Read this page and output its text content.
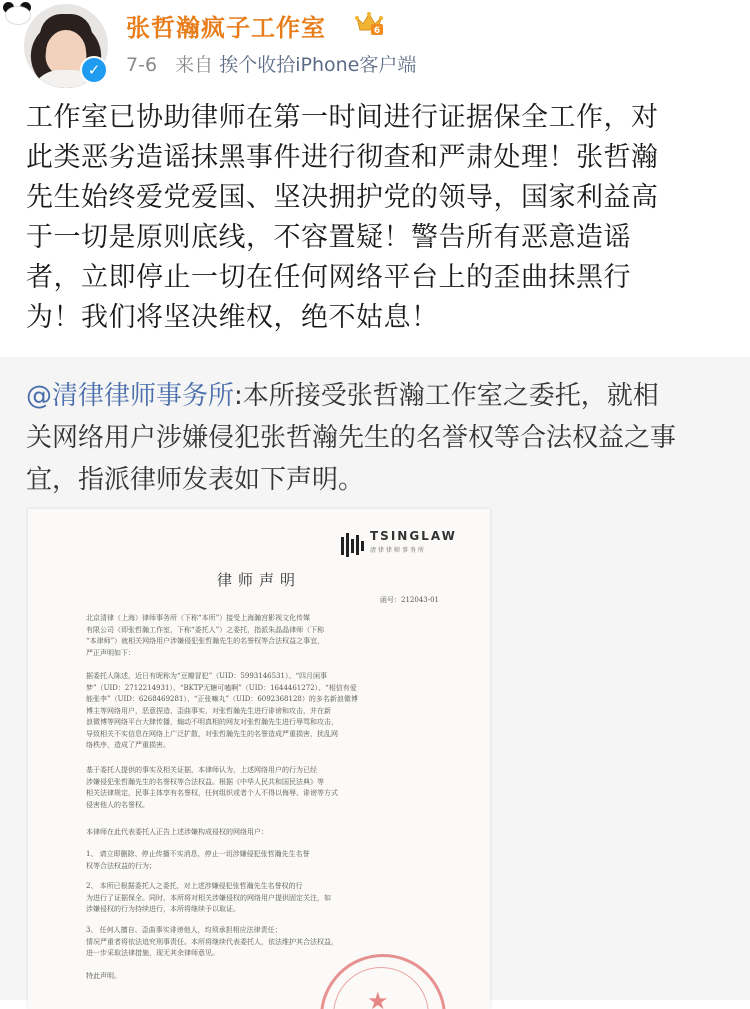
✓
张哲瀚疯子工作室	6
7-6 来自 挨个收拾iPhone客户端
工作室已协助律师在第一时间进行证据保全工作，对
此类恶劣造谣抹黑事件进行彻查和严肃处理！张哲瀚
先生始终爱党爱国、坚决拥护党的领导，国家利益高
于一切是原则底线，不容置疑！警告所有恶意造谣
者，立即停止一切在任何网络平台上的歪曲抹黑行
为！我们将坚决维权，绝不姑息！
@清律律师事务所:本所接受张哲瀚工作室之委托，就相
关网络用户涉嫌侵犯张哲瀚先生的名誉权等合法权益之事
宜，指派律师发表如下声明。
TSINGLAW
清律律师事务所
律师声明
函号：212043-01
北京清律（上海）律师事务所（下称“本所”）接受上海瀚宫影视文化传媒
有限公司（即张哲瀚工作室，下称“委托人”）之委托，指派朱晶晶律师（下称
“本律师”）就相关网络用户涉嫌侵犯张哲瀚先生的名誉权等合法权益之事宜，
严正声明如下：
据委托人陈述，近日有昵称为“豆瓣冒犯”（UID：5993146531）、“四月闲事
梦”（UID：2712214931）、“BKTP无糖可嗑啊”（UID：1644461272）、“相信有爱
能张李”（UID：6268469281）、“正张嘛丸”（UID：6092368128）的多名新浪微博
博主等网络用户，恶意捏造、歪曲事实，对张哲瀚先生进行诽谤和攻击，并在新
浪微博等网络平台大肆传播，煽动不明真相的网友对张哲瀚先生进行辱骂和攻击，
导致相关不实信息在网络上广泛扩散，对张哲瀚先生的名誉造成严重损害，扰乱网
络秩序，造成了严重损害。
基于委托人提供的事实及相关证据，本律师认为，上述网络用户的行为已经
涉嫌侵犯张哲瀚先生的名誉权等合法权益。根据《中华人民共和国民法典》等
相关法律规定，民事主体享有名誉权，任何组织或者个人不得以侮辱、诽谤等方式
侵害他人的名誉权。
本律师在此代表委托人正告上述涉嫌构成侵权的网络用户：
1、 请立即删除、停止传播不实消息，停止一切涉嫌侵犯张哲瀚先生名誉
权等合法权益的行为；
2、 本所已根据委托人之委托，对上述涉嫌侵犯张哲瀚先生名誉权的行
为进行了证据保全。同时，本所将对相关涉嫌侵权的网络用户提供固定关注，如
涉嫌侵权的行为持续进行，本所将继续予以取证。
3、 任何人擅自、歪曲事实诽谤他人，均须承担相应法律责任；
情况严重者将依法追究刑事责任。本所将继续代表委托人，依法维护其合法权益，
进一步采取法律措施，现无其余律师意见。
特此声明。
★
